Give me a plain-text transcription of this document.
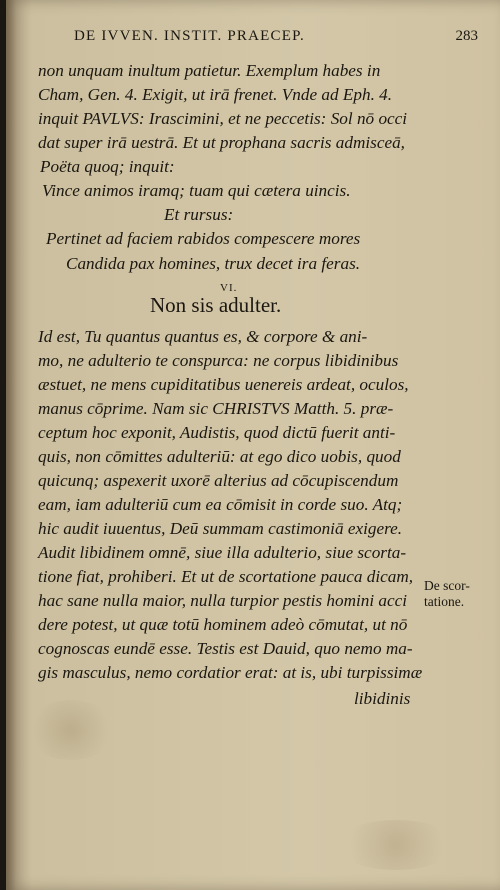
DE IVVEN. INSTIT. PRAECEP.	283
non unquam inultum patietur. Exemplum habes in
Cham, Gen. 4. Exigit, ut irā frenet. Vnde ad Eph. 4.
inquit PAVLVS: Irascimini, et ne peccetis: Sol nō occi
dat super irā uestrā. Et ut prophana sacris admisceā,
Poëta quoq; inquit:
Vince animos iramq; tuam qui cætera uincis.
Et rursus:
Pertinet ad faciem rabidos compescere mores
Candida pax homines, trux decet ira feras.
VI.
Non sis adulter.
Id est, Tu quantus quantus es, & corpore & ani-
mo, ne adulterio te conspurca: ne corpus libidinibus
æstuet, ne mens cupiditatibus uenereis ardeat, oculos,
manus cōprime. Nam sic CHRISTVS Matth. 5. præ-
ceptum hoc exponit, Audistis, quod dictū fuerit anti-
quis, non cōmittes adulteriū: at ego dico uobis, quod
quicunq; aspexerit uxorē alterius ad cōcupiscendum
eam, iam adulteriū cum ea cōmisit in corde suo. Atq;
hic audit iuuentus, Deū summam castimoniā exigere.
Audit libidinem omnē, siue illa adulterio, siue scorta-
tione fiat, prohiberi. Et ut de scortatione pauca dicam,
hac sane nulla maior, nulla turpior pestis homini acci
dere potest, ut quæ totū hominem adeò cōmutat, ut nō
cognoscas eundē esse. Testis est Dauid, quo nemo ma-
gis masculus, nemo cordatior erat: at is, ubi turpissimæ
libidinis
De scor-
tatione.
